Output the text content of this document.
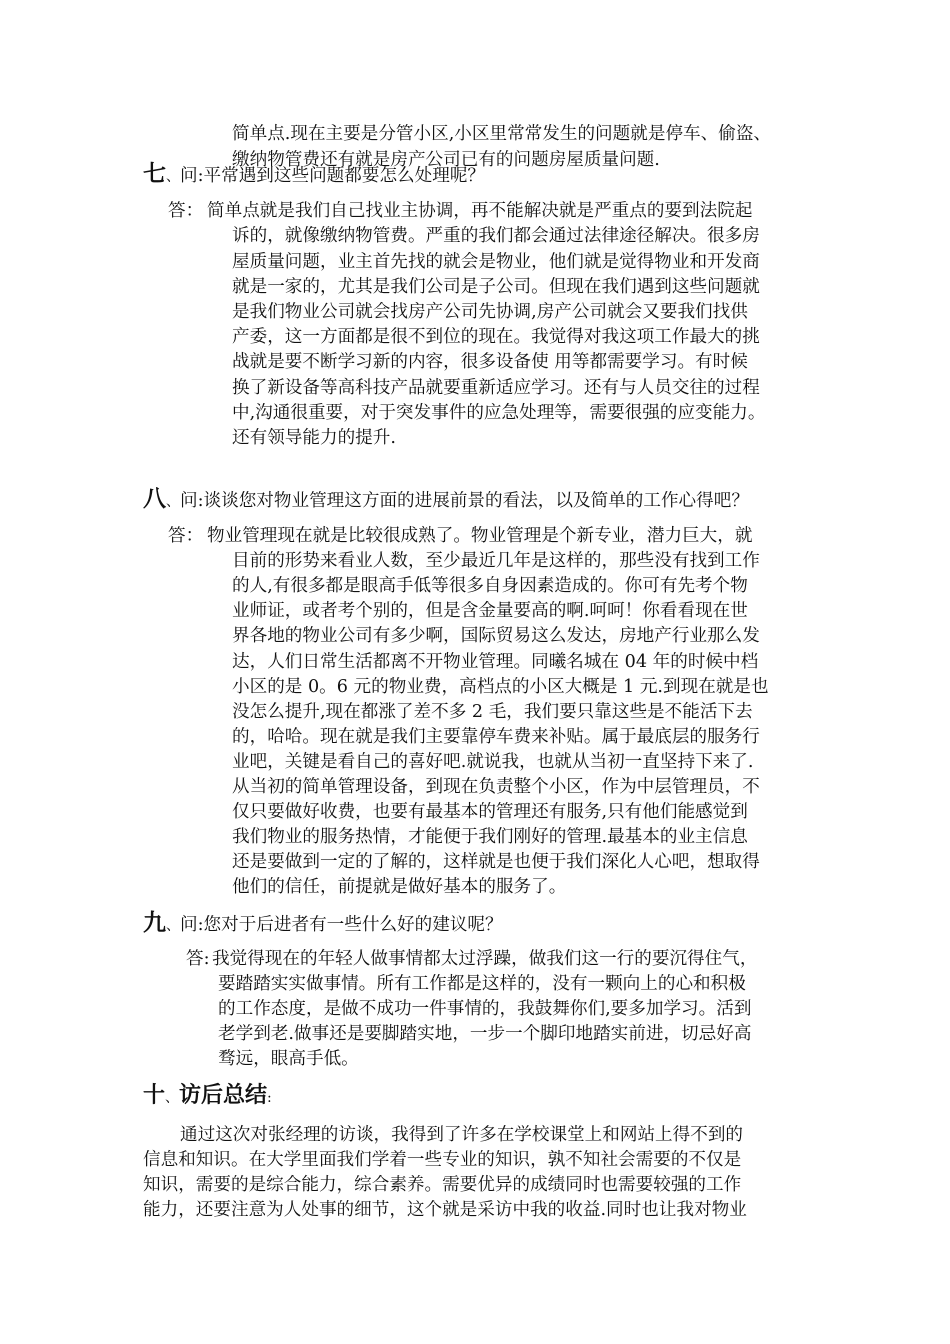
简单点.现在主要是分管小区,小区里常常发生的问题就是停车、偷盗、
缴纳物管费还有就是房产公司已有的问题房屋质量问题.
七、问:平常遇到这些问题都要怎么处理呢？
答： 简单点就是我们自己找业主协调，再不能解决就是严重点的要到法院起
诉的，就像缴纳物管费。严重的我们都会通过法律途径解决。很多房
屋质量问题，业主首先找的就会是物业，他们就是觉得物业和开发商
就是一家的，尤其是我们公司是子公司。但现在我们遇到这些问题就
是我们物业公司就会找房产公司先协调,房产公司就会又要我们找供
产委，这一方面都是很不到位的现在。我觉得对我这项工作最大的挑
战就是要不断学习新的内容，很多设备使 用等都需要学习。有时候
换了新设备等高科技产品就要重新适应学习。还有与人员交往的过程
中,沟通很重要，对于突发事件的应急处理等，需要很强的应变能力。
还有领导能力的提升.
八、问:谈谈您对物业管理这方面的进展前景的看法，以及简单的工作心得吧？
答： 物业管理现在就是比较很成熟了。物业管理是个新专业，潜力巨大，就
目前的形势来看业人数，至少最近几年是这样的，那些没有找到工作
的人,有很多都是眼高手低等很多自身因素造成的。你可有先考个物
业师证，或者考个别的，但是含金量要高的啊.呵呵！你看看现在世
界各地的物业公司有多少啊，国际贸易这么发达，房地产行业那么发
达，人们日常生活都离不开物业管理。同曦名城在 04 年的时候中档
小区的是 0。6 元的物业费，高档点的小区大概是 1 元.到现在就是也
没怎么提升,现在都涨了差不多 2 毛，我们要只靠这些是不能活下去
的，哈哈。现在就是我们主要靠停车费来补贴。属于最底层的服务行
业吧，关键是看自己的喜好吧.就说我，也就从当初一直坚持下来了.
从当初的简单管理设备，到现在负责整个小区，作为中层管理员，不
仅只要做好收费，也要有最基本的管理还有服务,只有他们能感觉到
我们物业的服务热情，才能便于我们刚好的管理.最基本的业主信息
还是要做到一定的了解的，这样就是也便于我们深化人心吧，想取得
他们的信任，前提就是做好基本的服务了。
九、问:您对于后进者有一些什么好的建议呢？
答: 我觉得现在的年轻人做事情都太过浮躁，做我们这一行的要沉得住气，
要踏踏实实做事情。所有工作都是这样的，没有一颗向上的心和积极
的工作态度，是做不成功一件事情的，我鼓舞你们,要多加学习。活到
老学到老.做事还是要脚踏实地，一步一个脚印地踏实前进，切忌好高
骛远，眼高手低。
十、访后总结:
通过这次对张经理的访谈，我得到了许多在学校课堂上和网站上得不到的
信息和知识。在大学里面我们学着一些专业的知识，孰不知社会需要的不仅是
知识，需要的是综合能力，综合素养。需要优异的成绩同时也需要较强的工作
能力，还要注意为人处事的细节，这个就是采访中我的收益.同时也让我对物业
